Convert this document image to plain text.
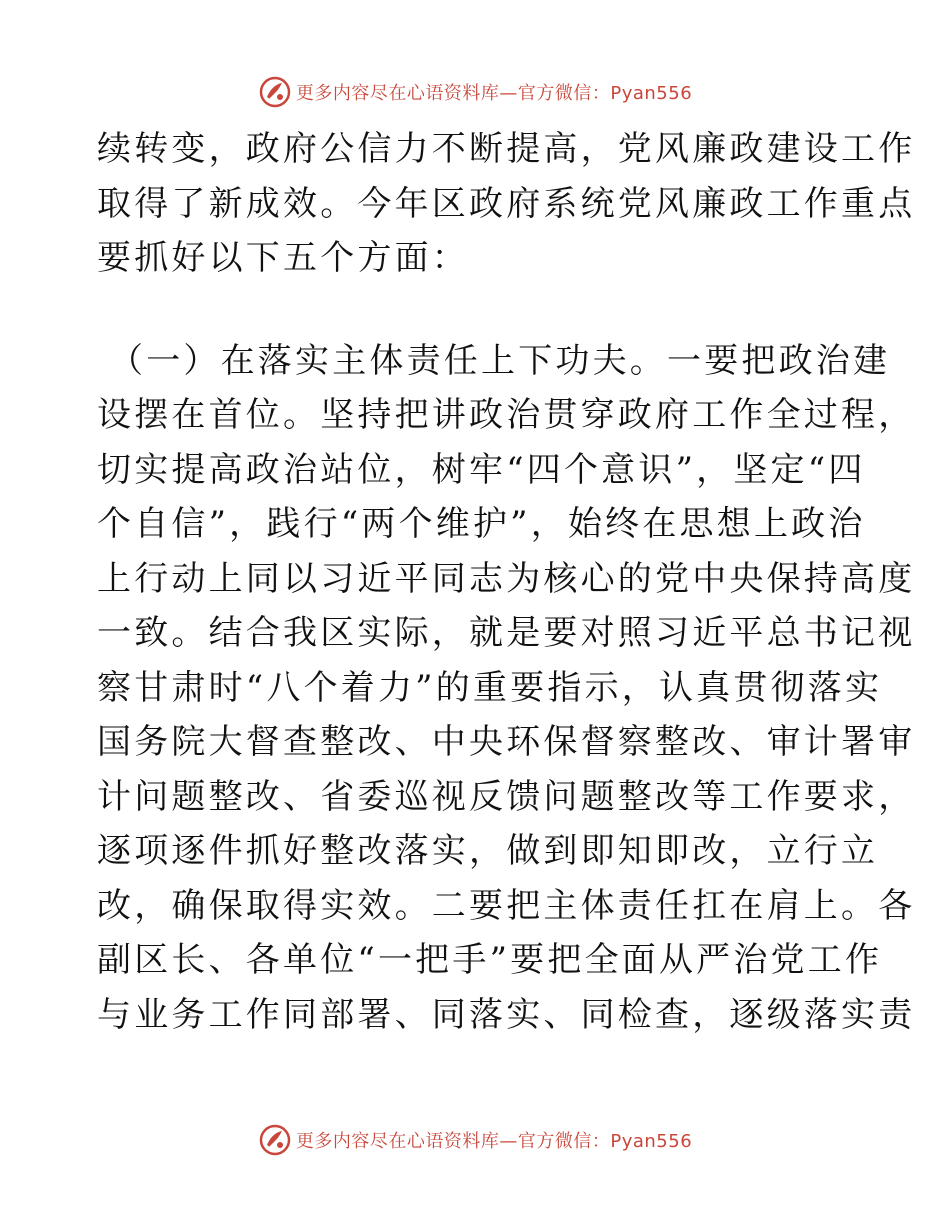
更多内容尽在心语资料库—官方微信：Pyan556
续转变，政府公信力不断提高，党风廉政建设工作
取得了新成效。今年区政府系统党风廉政工作重点
要抓好以下五个方面：
（一）在落实主体责任上下功夫。一要把政治建
设摆在首位。坚持把讲政治贯穿政府工作全过程，
切实提高政治站位，树牢“四个意识”，坚定“四
个自信”，践行“两个维护”，始终在思想上政治
上行动上同以习近平同志为核心的党中央保持高度
一致。结合我区实际，就是要对照习近平总书记视
察甘肃时“八个着力”的重要指示，认真贯彻落实
国务院大督查整改、中央环保督察整改、审计署审
计问题整改、省委巡视反馈问题整改等工作要求，
逐项逐件抓好整改落实，做到即知即改，立行立
改，确保取得实效。二要把主体责任扛在肩上。各
副区长、各单位“一把手”要把全面从严治党工作
与业务工作同部署、同落实、同检查，逐级落实责
更多内容尽在心语资料库—官方微信：Pyan556
